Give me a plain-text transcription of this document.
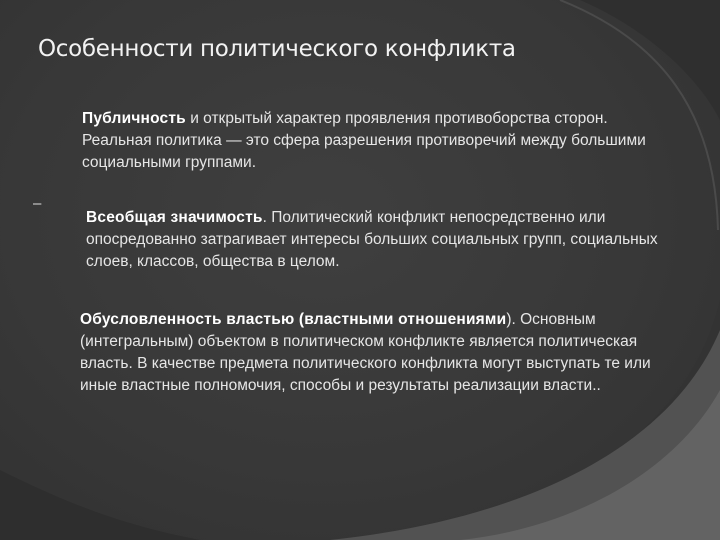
Особенности политического конфликта
–
Публичность и открытый характер проявления противоборства сторон. Реальная политика — это сфера разрешения противоречий между большими социальными группами.
Всеобщая значимость. Политический конфликт непосредственно или опосредованно затрагивает интересы больших социальных групп, социальных слоев, классов, общества в целом.
Обусловленность властью (властными отношениями). Основным (интегральным) объектом в политическом конфликте является политическая власть. В качестве предмета политического конфликта могут выступать те или иные властные полномочия, способы и результаты реализации власти..
